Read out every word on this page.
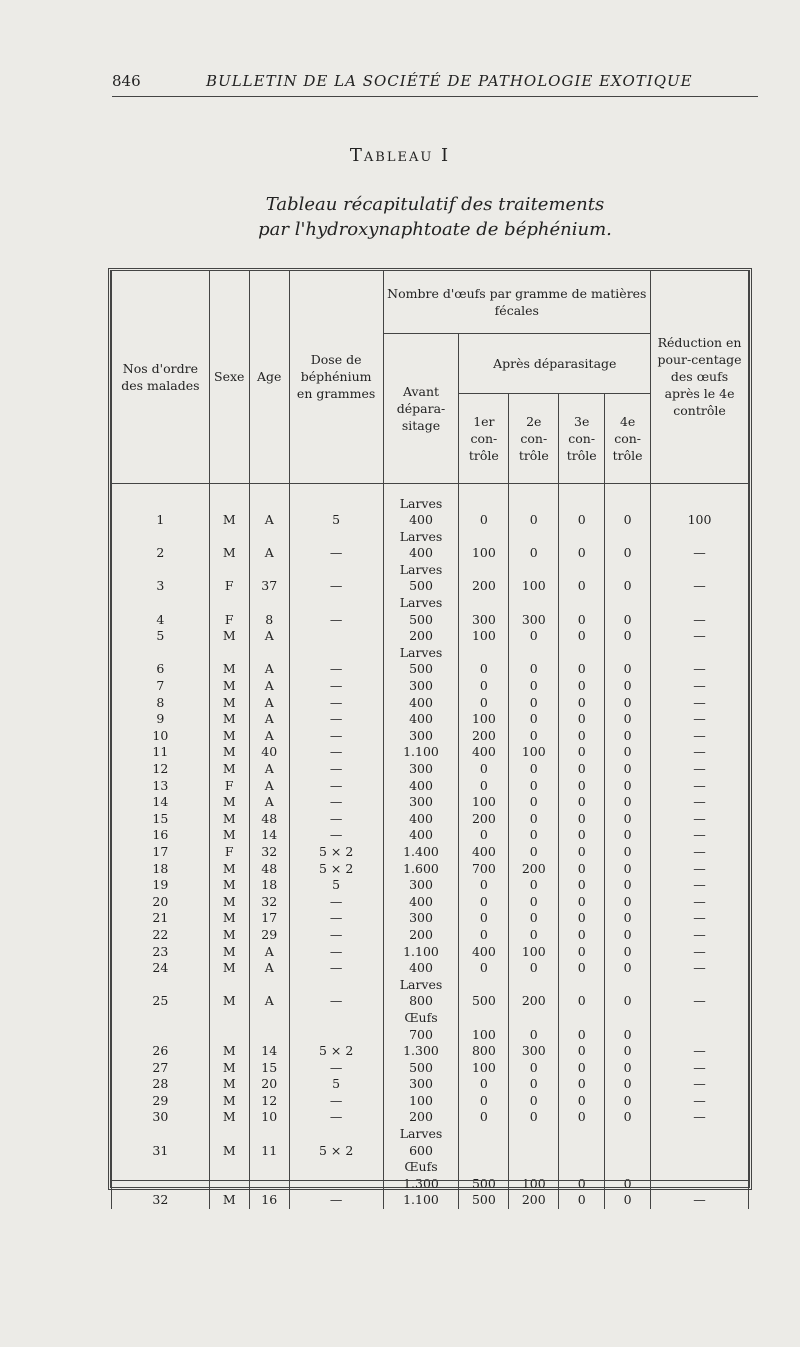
846	BULLETIN DE LA SOCIÉTÉ DE PATHOLOGIE EXOTIQUE
Tableau I
Tableau récapitulatif des traitements
par l'hydroxynaphtoate de béphénium.
Nos d'ordre des malades	Sexe	Age	Dose de béphénium en grammes	Nombre d'œufs par gramme de matières fécales					Réduction en pour-centage des œufs après le 4e contrôle
				Avant dépara-sitage	Après déparasitage				
					1er con-trôle	2e con-trôle	3e con-trôle	4e con-trôle	
				Larves					
1	M	A	5	400	0	0	0	0	100
				Larves					
2	M	A	—	400	100	0	0	0	—
				Larves					
3	F	37	—	500	200	100	0	0	—
				Larves					
4	F	8	—	500	300	300	0	0	—
5	M	A		200	100	0	0	0	—
				Larves					
6	M	A	—	500	0	0	0	0	—
7	M	A	—	300	0	0	0	0	—
8	M	A	—	400	0	0	0	0	—
9	M	A	—	400	100	0	0	0	—
10	M	A	—	300	200	0	0	0	—
11	M	40	—	1.100	400	100	0	0	—
12	M	A	—	300	0	0	0	0	—
13	F	A	—	400	0	0	0	0	—
14	M	A	—	300	100	0	0	0	—
15	M	48	—	400	200	0	0	0	—
16	M	14	—	400	0	0	0	0	—
17	F	32	5 × 2	1.400	400	0	0	0	—
18	M	48	5 × 2	1.600	700	200	0	0	—
19	M	18	5	300	0	0	0	0	—
20	M	32	—	400	0	0	0	0	—
21	M	17	—	300	0	0	0	0	—
22	M	29	—	200	0	0	0	0	—
23	M	A	—	1.100	400	100	0	0	—
24	M	A	—	400	0	0	0	0	—
				Larves					
25	M	A	—	800	500	200	0	0	—
				Œufs					
				700	100	0	0	0	
26	M	14	5 × 2	1.300	800	300	0	0	—
27	M	15	—	500	100	0	0	0	—
28	M	20	5	300	0	0	0	0	—
29	M	12	—	100	0	0	0	0	—
30	M	10	—	200	0	0	0	0	—
				Larves					
31	M	11	5 × 2	600					
				Œufs					
				1.300	500	100	0	0	
32	M	16	—	1.100	500	200	0	0	—
